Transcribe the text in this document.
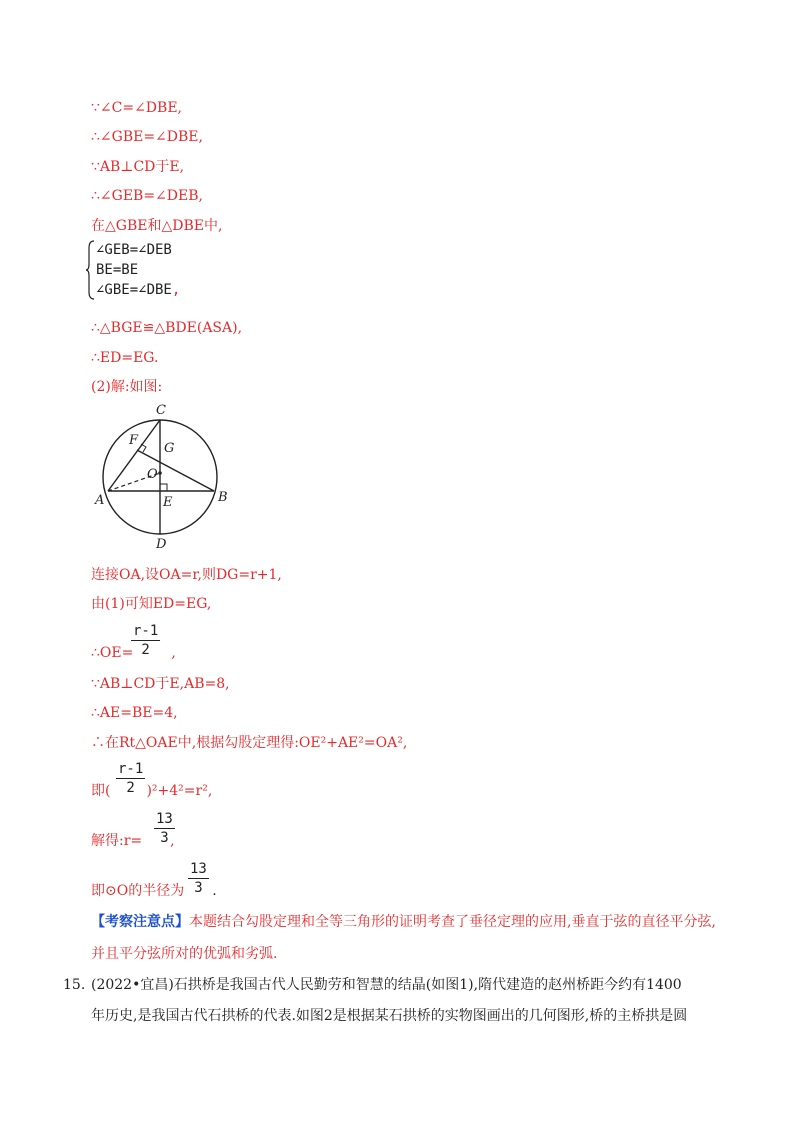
∵∠C=∠DBE,
∴∠GBE=∠DBE,
∵AB⊥CD于E,
∴∠GEB=∠DEB,
在△GBE和△DBE中,
∠GEB=∠DEB
BE=BE
∠GBE=∠DBE,
∴△BGE≌△BDE(ASA),
∴ED=EG.
(2)解:如图:
C
F
G
O
A	E	B
D
连接OA,设OA=r,则DG=r+1,
由(1)可知ED=EG,
∴OE=	,
$\frac{r-1}{2}$
∵AB⊥CD于E,AB=8,
∴AE=BE=4,
∴在Rt△OAE中,根据勾股定理得:OE²+AE²=OA²,
即(	)²+4²=r²,
$\frac{r-1}{2}$
解得:r= ,
$\frac{13}{3}$
即⊙O的半径为 .
$\frac{13}{3}$
【考察注意点】本题结合勾股定理和全等三角形的证明考查了垂径定理的应用,垂直于弦的直径平分弦,
并且平分弦所对的优弧和劣弧.
15. (2022•宜昌)石拱桥是我国古代人民勤劳和智慧的结晶(如图1),隋代建造的赵州桥距今约有1400
年历史,是我国古代石拱桥的代表.如图2是根据某石拱桥的实物图画出的几何图形,桥的主桥拱是圆
